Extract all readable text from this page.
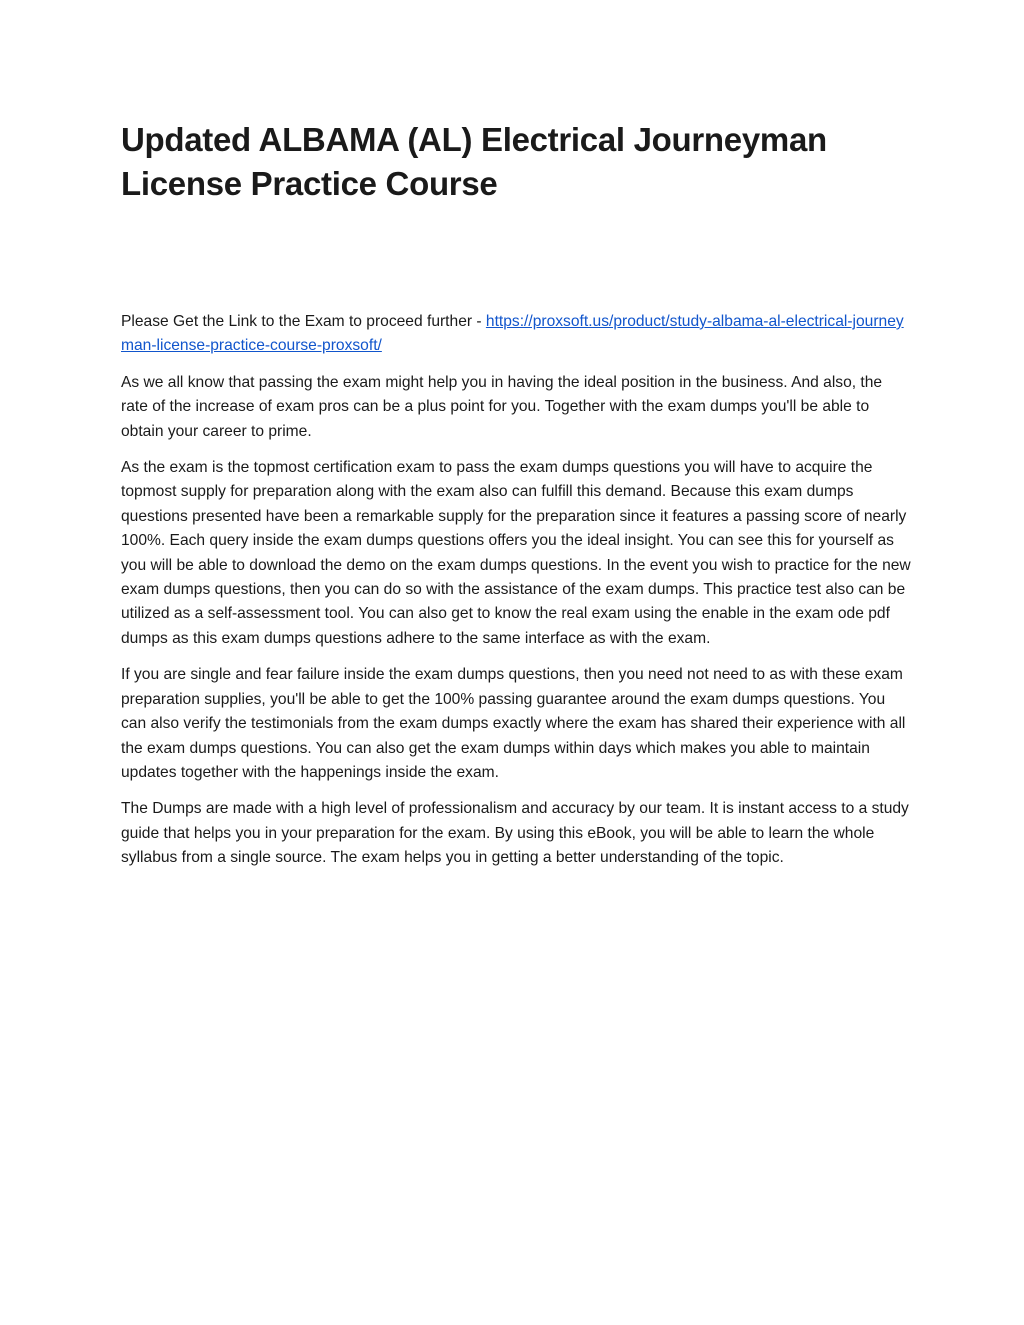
Updated ALBAMA (AL) Electrical Journeyman License Practice Course

Please Get the Link to the Exam to proceed further - https://proxsoft.us/product/study-albama-al-electrical-journeyman-license-practice-course-proxsoft/

As we all know that passing the exam might help you in having the ideal position in the business. And also, the rate of the increase of exam pros can be a plus point for you. Together with the exam dumps you'll be able to obtain your career to prime.

As the exam is the topmost certification exam to pass the exam dumps questions you will have to acquire the topmost supply for preparation along with the exam also can fulfill this demand. Because this exam dumps questions presented have been a remarkable supply for the preparation since it features a passing score of nearly 100%. Each query inside the exam dumps questions offers you the ideal insight. You can see this for yourself as you will be able to download the demo on the exam dumps questions. In the event you wish to practice for the new exam dumps questions, then you can do so with the assistance of the exam dumps. This practice test also can be utilized as a self-assessment tool. You can also get to know the real exam using the enable in the exam ode pdf dumps as this exam dumps questions adhere to the same interface as with the exam.

If you are single and fear failure inside the exam dumps questions, then you need not need to as with these exam preparation supplies, you'll be able to get the 100% passing guarantee around the exam dumps questions. You can also verify the testimonials from the exam dumps exactly where the exam has shared their experience with all the exam dumps questions. You can also get the exam dumps within days which makes you able to maintain updates together with the happenings inside the exam.

The Dumps are made with a high level of professionalism and accuracy by our team. It is instant access to a study guide that helps you in your preparation for the exam. By using this eBook, you will be able to learn the whole syllabus from a single source. The exam helps you in getting a better understanding of the topic.
